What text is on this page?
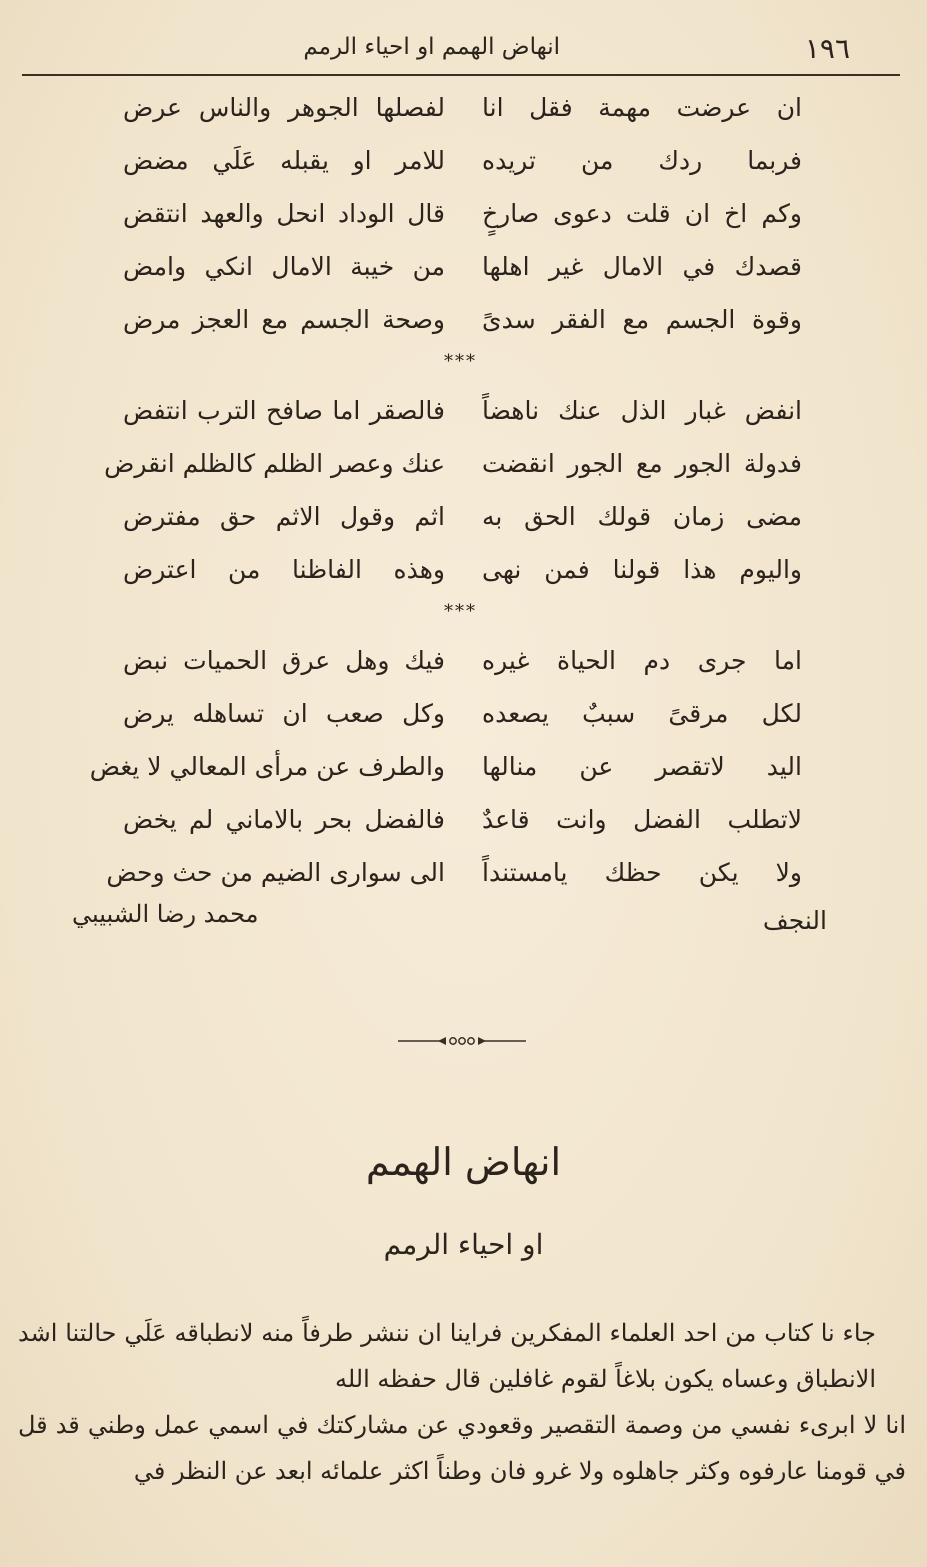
١٩٦
انهاض الهمم او احياء الرمم
ان عرضت مهمة فقل انا
لفصلها الجوهر والناس عرض
فربما ردك من تريده
للامر او يقبله عَلَي مضض
وكم اخ ان قلت دعوى صارخٍ
قال الوداد انحل والعهد انتقض
قصدك في الامال غير اهلها
من خيبة الامال انكي وامض
وقوة الجسم مع الفقر سدىً
وصحة الجسم مع العجز مرض
***
انفض غبار الذل عنك ناهضاً
فالصقر اما صافح الترب انتفض
فدولة الجور مع الجور انقضت
عنك وعصر الظلم كالظلم انقرض
مضى زمان قولك الحق به
اثم وقول الاثم حق مفترض
واليوم هذا قولنا فمن نهى
وهذه الفاظنا من اعترض
***
اما جرى دم الحياة غيره
فيك وهل عرق الحميات نبض
لكل مرقىً سببٌ يصعده
وكل صعب ان تساهله يرض
اليد لاتقصر عن منالها
والطرف عن مرأى المعالي لا يغض
لاتطلب الفضل وانت قاعدٌ
فالفضل بحر بالاماني لم يخض
ولا يكن حظك يامستنداً
الى سوارى الضيم من حث وحض
النجف
محمد رضا الشبيبي
انهاض الهمم
او احياء الرمم

جاء نا كتاب من احد العلماء المفكرين فراينا ان ننشر طرفاً منه لانطباقه عَلَي حالتنا اشد الانطباق وعساه يكون بلاغاً لقوم غافلين قال حفظه الله

انا لا ابرىء نفسي من وصمة التقصير وقعودي عن مشاركتك في اسمي عمل وطني قد قل في قومنا عارفوه وكثر جاهلوه ولا غرو فان وطناً اكثر علمائه ابعد عن النظر في
